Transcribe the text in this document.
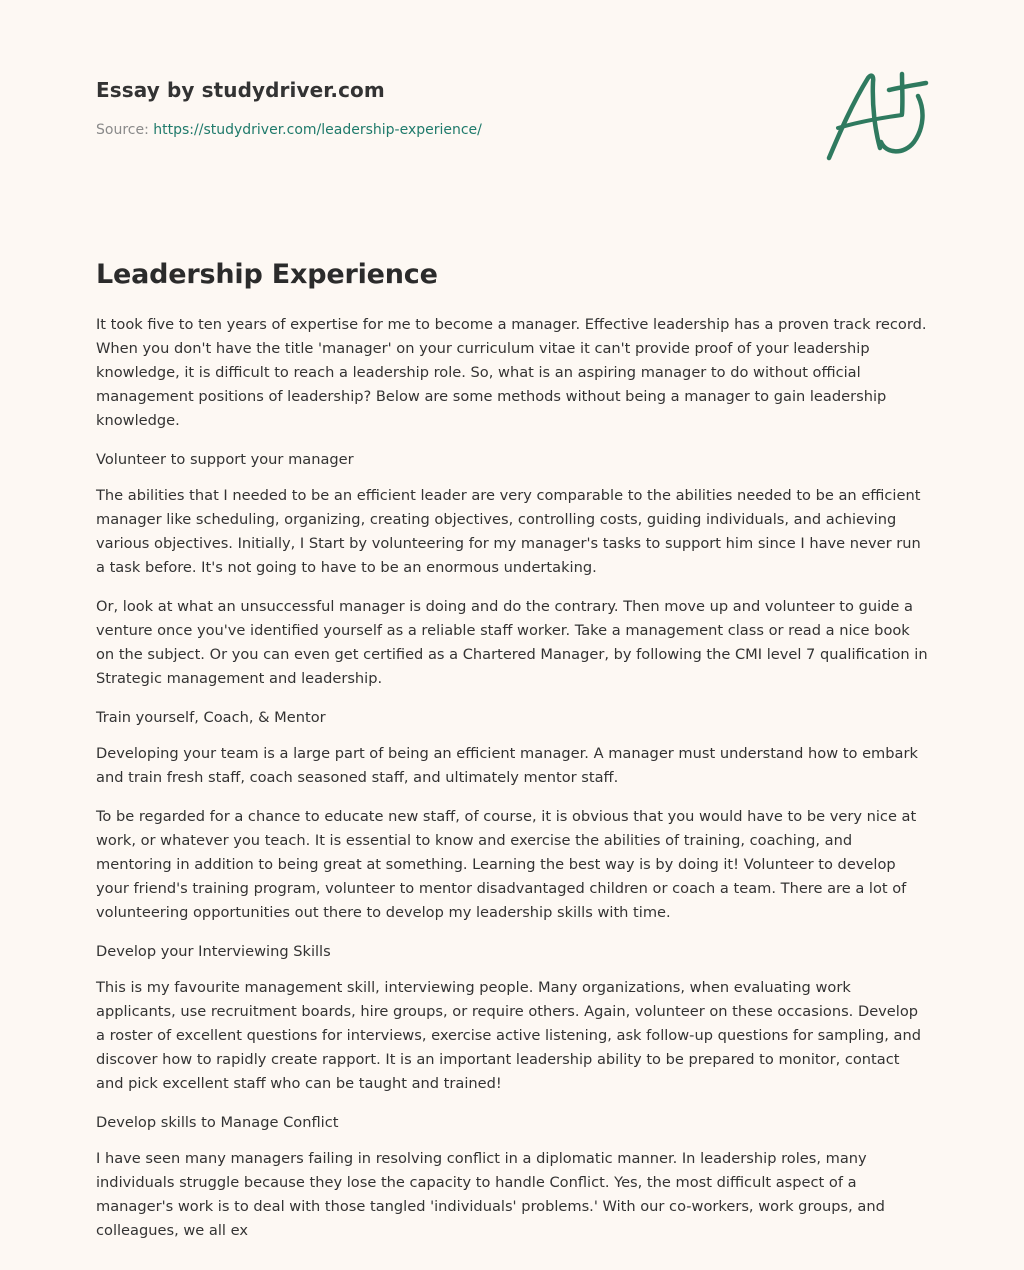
Essay by studydriver.com
Source: https://studydriver.com/leadership-experience/
Leadership Experience

It took five to ten years of expertise for me to become a manager. Effective leadership has a proven track record. When you don't have the title 'manager' on your curriculum vitae it can't provide proof of your leadership knowledge, it is difficult to reach a leadership role. So, what is an aspiring manager to do without official management positions of leadership? Below are some methods without being a manager to gain leadership knowledge.

Volunteer to support your manager

The abilities that I needed to be an efficient leader are very comparable to the abilities needed to be an efficient manager like scheduling, organizing, creating objectives, controlling costs, guiding individuals, and achieving various objectives. Initially, I Start by volunteering for my manager's tasks to support him since I have never run a task before. It's not going to have to be an enormous undertaking.

Or, look at what an unsuccessful manager is doing and do the contrary. Then move up and volunteer to guide a venture once you've identified yourself as a reliable staff worker. Take a management class or read a nice book on the subject. Or you can even get certified as a Chartered Manager, by following the CMI level 7 qualification in Strategic management and leadership.

Train yourself, Coach, & Mentor

Developing your team is a large part of being an efficient manager. A manager must understand how to embark and train fresh staff, coach seasoned staff, and ultimately mentor staff.

To be regarded for a chance to educate new staff, of course, it is obvious that you would have to be very nice at work, or whatever you teach. It is essential to know and exercise the abilities of training, coaching, and mentoring in addition to being great at something. Learning the best way is by doing it! Volunteer to develop your friend's training program, volunteer to mentor disadvantaged children or coach a team. There are a lot of volunteering opportunities out there to develop my leadership skills with time.

Develop your Interviewing Skills

This is my favourite management skill, interviewing people. Many organizations, when evaluating work applicants, use recruitment boards, hire groups, or require others. Again, volunteer on these occasions. Develop a roster of excellent questions for interviews, exercise active listening, ask follow-up questions for sampling, and discover how to rapidly create rapport. It is an important leadership ability to be prepared to monitor, contact and pick excellent staff who can be taught and trained!

Develop skills to Manage Conflict

I have seen many managers failing in resolving conflict in a diplomatic manner. In leadership roles, many individuals struggle because they lose the capacity to handle Conflict. Yes, the most difficult aspect of a manager's work is to deal with those tangled 'individuals' problems.' With our co-workers, work groups, and colleagues, we all ex
